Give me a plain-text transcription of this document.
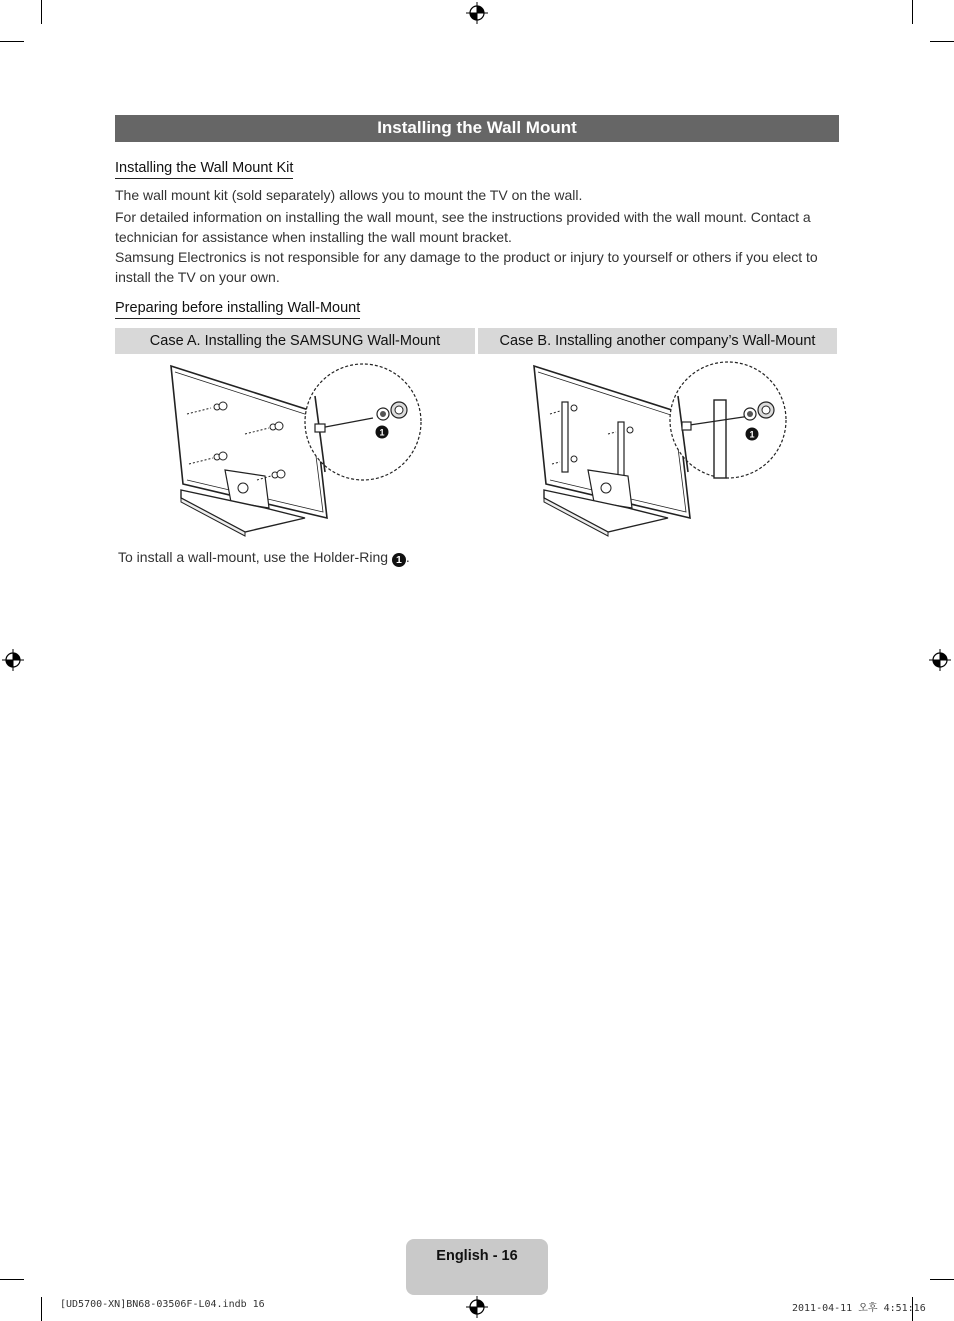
Installing the Wall Mount
Installing the Wall Mount Kit

The wall mount kit (sold separately) allows you to mount the TV on the wall.

For detailed information on installing the wall mount, see the instructions provided with the wall mount. Contact a technician for assistance when installing the wall mount bracket.

Samsung Electronics is not responsible for any damage to the product or injury to yourself or others if you elect to install the TV on your own.

Preparing before installing Wall-Mount
Case A. Installing the SAMSUNG Wall-Mount	Case B. Installing another company’s Wall-Mount
1	1
To install a wall-mount, use the Holder-Ring 1 .
English - 16
[UD5700-XN]BN68-03506F-L04.indb 16	2011-04-11 오후 4:51:16
